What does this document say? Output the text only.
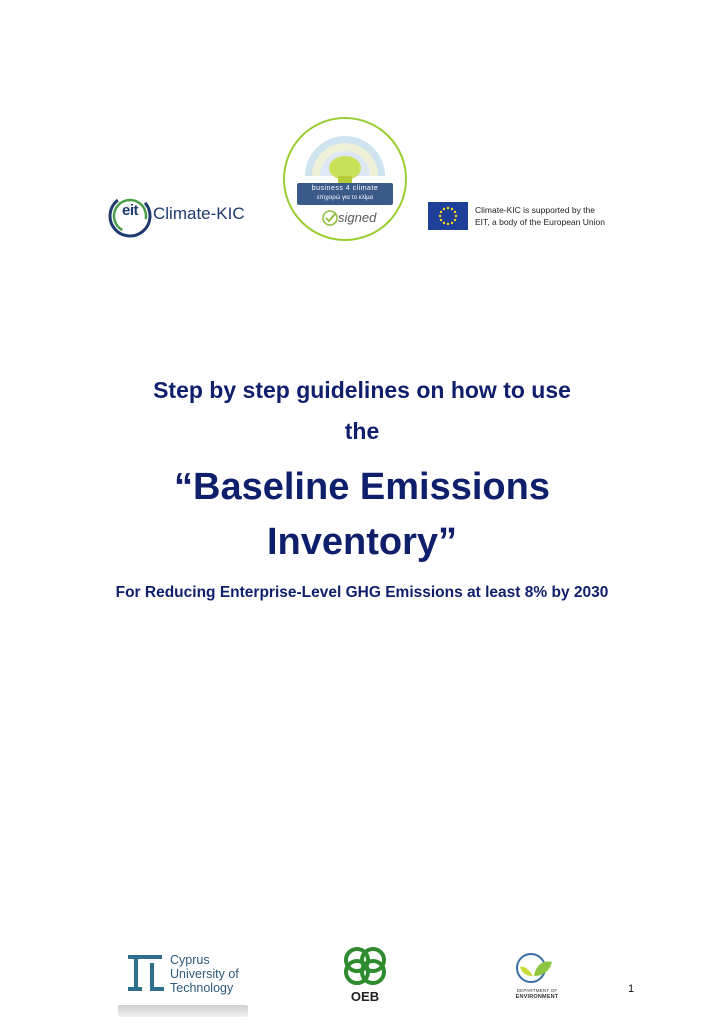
eit Climate-KIC
business 4 climate
επιχειρώ για το κλίμα
signed	Climate-KIC is supported by the
EIT, a body of the European Union
Step by step guidelines on how to use
the
“Baseline Emissions
Inventory”
For Reducing Enterprise-Level GHG Emissions at least 8% by 2030
Cyprus
University of
Technology
OEB	DEPARTMENT OF
ENVIRONMENT
1
